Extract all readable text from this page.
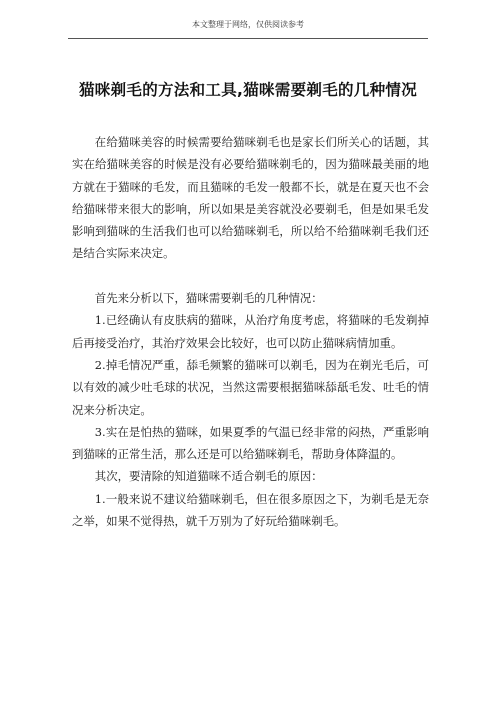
本文整理于网络，仅供阅读参考
猫咪剃毛的方法和工具,猫咪需要剃毛的几种情况

在给猫咪美容的时候需要给猫咪剃毛也是家长们所关心的话题，其实在给猫咪美容的时候是没有必要给猫咪剃毛的，因为猫咪最美丽的地方就在于猫咪的毛发，而且猫咪的毛发一般都不长，就是在夏天也不会给猫咪带来很大的影响，所以如果是美容就没必要剃毛，但是如果毛发影响到猫咪的生活我们也可以给猫咪剃毛，所以给不给猫咪剃毛我们还是结合实际来决定。

首先来分析以下，猫咪需要剃毛的几种情况：

1.已经确认有皮肤病的猫咪，从治疗角度考虑，将猫咪的毛发剃掉后再接受治疗，其治疗效果会比较好，也可以防止猫咪病情加重。

2.掉毛情况严重，舔毛频繁的猫咪可以剃毛，因为在剃光毛后，可以有效的减少吐毛球的状况，当然这需要根据猫咪舔舐毛发、吐毛的情况来分析决定。

3.实在是怕热的猫咪，如果夏季的气温已经非常的闷热，严重影响到猫咪的正常生活，那么还是可以给猫咪剃毛，帮助身体降温的。

其次，要清除的知道猫咪不适合剃毛的原因：

1.一般来说不建议给猫咪剃毛，但在很多原因之下，为剃毛是无奈之举，如果不觉得热，就千万别为了好玩给猫咪剃毛。
